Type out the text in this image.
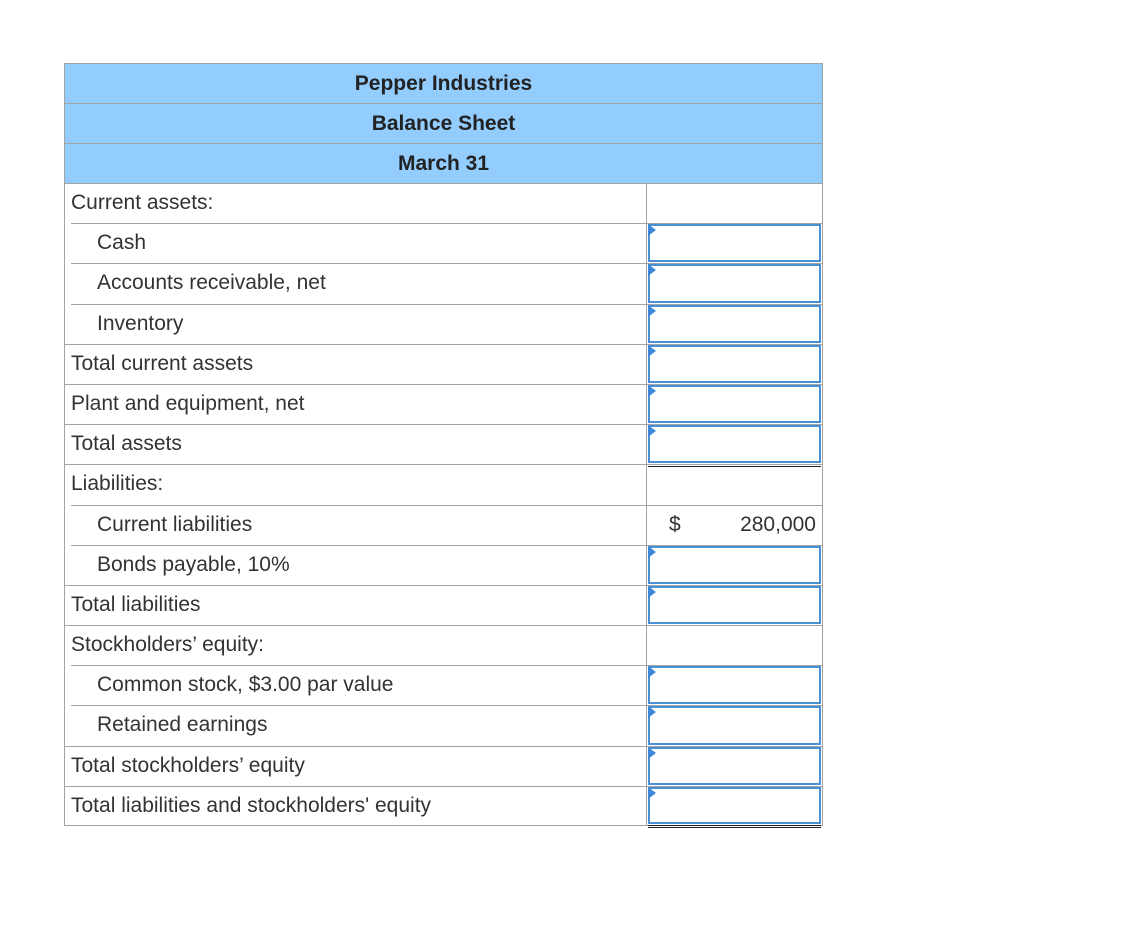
Pepper Industries
Balance Sheet
March 31
Current assets:
Cash
Accounts receivable, net
Inventory
Total current assets
Plant and equipment, net
Total assets
Liabilities:
Current liabilities	$	280,000
Bonds payable, 10%
Total liabilities
Stockholders’ equity:
Common stock, $3.00 par value
Retained earnings
Total stockholders’ equity
Total liabilities and stockholders' equity
